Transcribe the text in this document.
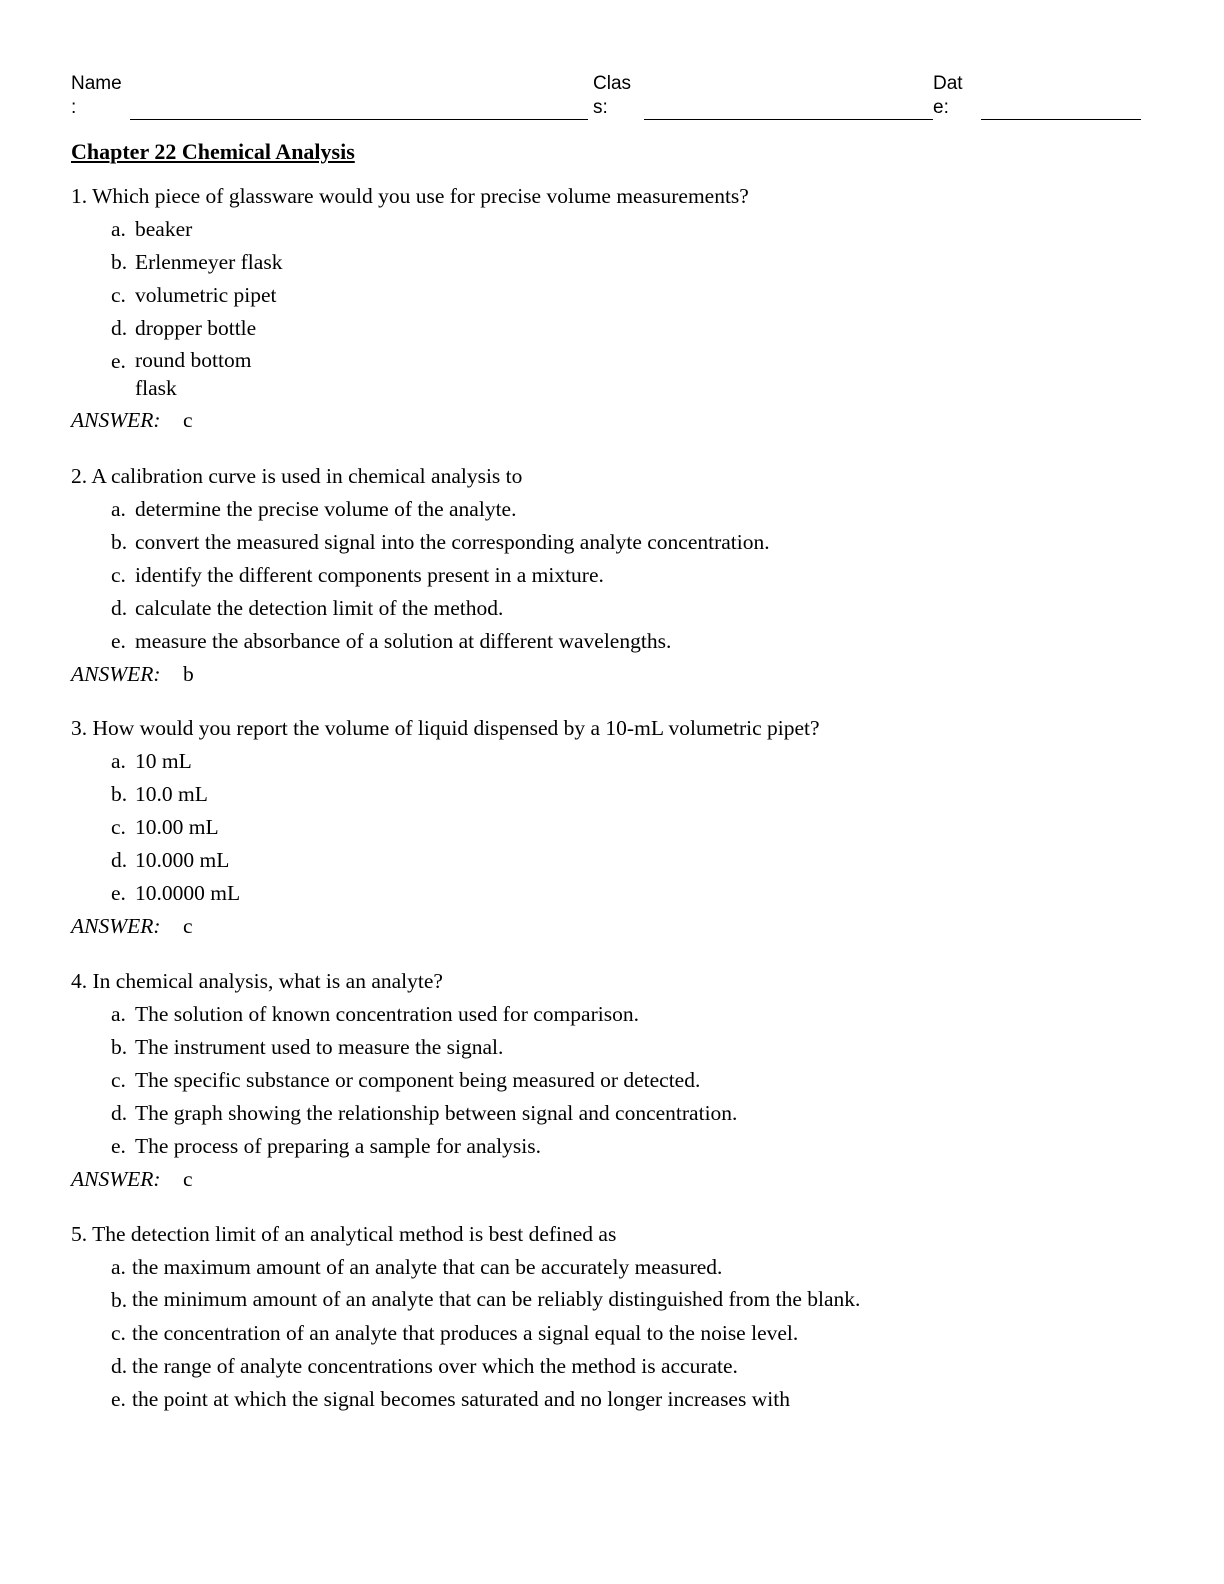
Name
:
Clas
s:
Dat
e:
Chapter 22 Chemical Analysis
1. Which piece of glassware would you use for precise volume measurements?
a. beaker
b. Erlenmeyer flask
c. volumetric pipet
d. dropper bottle
e. round bottom flask
ANSWER: c
2. A calibration curve is used in chemical analysis to
a. determine the precise volume of the analyte.
b. convert the measured signal into the corresponding analyte concentration.
c. identify the different components present in a mixture.
d. calculate the detection limit of the method.
e. measure the absorbance of a solution at different wavelengths.
ANSWER: b
3. How would you report the volume of liquid dispensed by a 10-mL volumetric pipet?
a. 10 mL
b. 10.0 mL
c. 10.00 mL
d. 10.000 mL
e. 10.0000 mL
ANSWER: c
4. In chemical analysis, what is an analyte?
a. The solution of known concentration used for comparison.
b. The instrument used to measure the signal.
c. The specific substance or component being measured or detected.
d. The graph showing the relationship between signal and concentration.
e. The process of preparing a sample for analysis.
ANSWER: c
5. The detection limit of an analytical method is best defined as
a. the maximum amount of an analyte that can be accurately measured.
b. the minimum amount of an analyte that can be reliably distinguished from the blank.
c. the concentration of an analyte that produces a signal equal to the noise level.
d. the range of analyte concentrations over which the method is accurate.
e. the point at which the signal becomes saturated and no longer increases with
